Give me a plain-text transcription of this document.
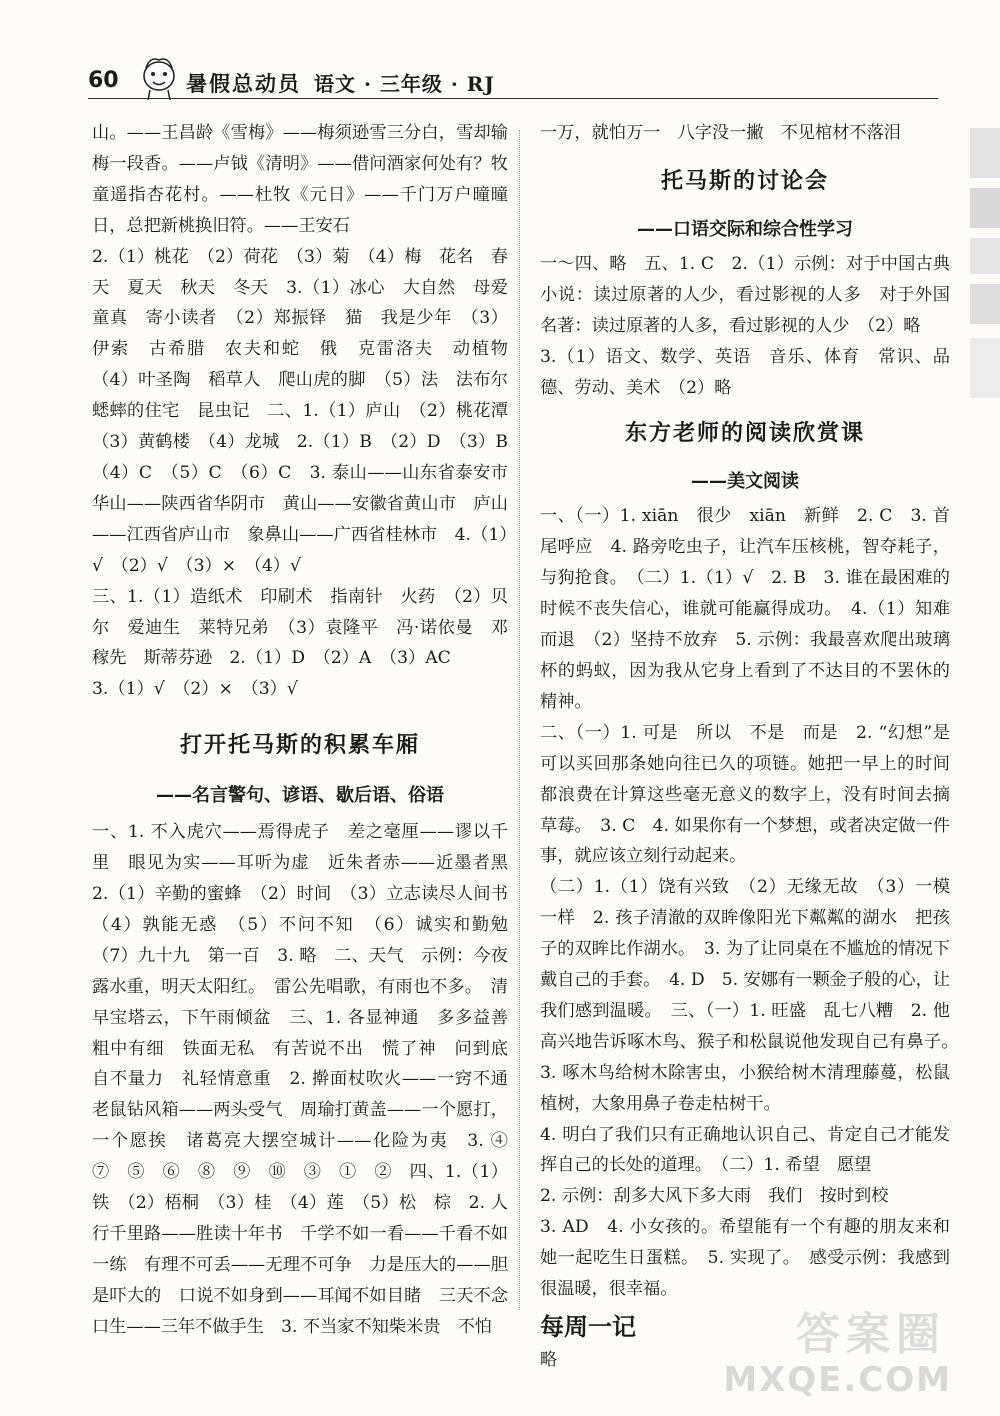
60	暑假总动员 语文 · 三年级 · RJ

山。——王昌龄《雪梅》——梅须逊雪三分白，雪却输梅一段香。——卢钺《清明》——借问酒家何处有？牧童遥指杏花村。——杜牧《元日》——千门万户曈曈日，总把新桃换旧符。——王安石

2.（1）桃花　（2）荷花　（3）菊　（4）梅　花名　春天　夏天　秋天　冬天　3.（1）冰心　大自然　母爱　童真　寄小读者　（2）郑振铎　猫　我是少年　（3）伊索　古希腊　农夫和蛇　俄　克雷洛夫　动植物　（4）叶圣陶　稻草人　爬山虎的脚　（5）法　法布尔　蟋蟀的住宅　昆虫记　二、1.（1）庐山　（2）桃花潭　（3）黄鹤楼　（4）龙城　2.（1）B　（2）D　（3）B　（4）C　（5）C　（6）C　3. 泰山——山东省泰安市　华山——陕西省华阴市　黄山——安徽省黄山市　庐山——江西省庐山市　象鼻山——广西省桂林市　4.（1）√　（2）√　（3）×　（4）√

三、1.（1）造纸术　印刷术　指南针　火药　（2）贝尔　爱迪生　莱特兄弟　（3）袁隆平　冯·诺依曼　邓稼先　斯蒂芬逊　2.（1）D　（2）A　（3）AC

3.（1）√　（2）×　（3）√

打开托马斯的积累车厢
——名言警句、谚语、歇后语、俗语

一、1. 不入虎穴——焉得虎子　差之毫厘——谬以千里　眼见为实——耳听为虚　近朱者赤——近墨者黑　2.（1）辛勤的蜜蜂　（2）时间　（3）立志读尽人间书　（4）孰能无惑　（5）不问不知　（6）诚实和勤勉　（7）九十九　第一百　3. 略　二、天气　示例：今夜露水重，明天太阳红。　雷公先唱歌，有雨也不多。　清早宝塔云，下午雨倾盆　三、1. 各显神通　多多益善　粗中有细　铁面无私　有苦说不出　慌了神　问到底　自不量力　礼轻情意重　2. 擀面杖吹火——一窍不通　老鼠钻风箱——两头受气　周瑜打黄盖——一个愿打，一个愿挨　诸葛亮大摆空城计——化险为夷　3. ④　⑦　⑤　⑥　⑧　⑨　⑩　③　①　②　四、1.（1）铁　（2）梧桐　（3）桂　（4）莲　（5）松　棕　2. 人行千里路——胜读十年书　千学不如一看——千看不如一练　有理不可丢——无理不可争　力是压大的——胆是吓大的　口说不如身到——耳闻不如目睹　三天不念口生——三年不做手生　3. 不当家不知柴米贵　不怕

一万，就怕万一　八字没一撇　不见棺材不落泪

托马斯的讨论会
——口语交际和综合性学习

一～四、略　五、1. C　2.（1）示例：对于中国古典小说：读过原著的人少，看过影视的人多　对于外国名著：读过原著的人多，看过影视的人少　（2）略

3.（1）语文、数学、英语　音乐、体育　常识、品德、劳动、美术　（2）略

东方老师的阅读欣赏课
——美文阅读

一、（一）1. xiān　很少　xiān　新鲜　2. C　3. 首尾呼应　4. 路旁吃虫子，让汽车压核桃，智夺耗子，与狗抢食。　（二）1.（1）√　2. B　3. 谁在最困难的时候不丧失信心，谁就可能赢得成功。　4.（1）知难而退　（2）坚持不放弃　5. 示例：我最喜欢爬出玻璃杯的蚂蚁，因为我从它身上看到了不达目的不罢休的精神。

二、（一）1. 可是　所以　不是　而是　2. “幻想”是可以买回那条她向往已久的项链。她把一早上的时间都浪费在计算这些毫无意义的数字上，没有时间去摘草莓。　3. C　4. 如果你有一个梦想，或者决定做一件事，就应该立刻行动起来。

（二）1.（1）饶有兴致　（2）无缘无故　（3）一模一样　2. 孩子清澈的双眸像阳光下粼粼的湖水　把孩子的双眸比作湖水。　3. 为了让同桌在不尴尬的情况下戴自己的手套。　4. D　5. 安娜有一颗金子般的心，让我们感到温暖。　三、（一）1. 旺盛　乱七八糟　2. 他高兴地告诉啄木鸟、猴子和松鼠说他发现自己有鼻子。　3. 啄木鸟给树木除害虫，小猴给树木清理藤蔓，松鼠植树，大象用鼻子卷走枯树干。

4. 明白了我们只有正确地认识自己、肯定自己才能发挥自己的长处的道理。　（二）1. 希望　愿望

2. 示例：刮多大风下多大雨　我们　按时到校

3. AD　4. 小女孩的。希望能有一个有趣的朋友来和她一起吃生日蛋糕。　5. 实现了。　感受示例：我感到很温暖，很幸福。

每周一记

略	答案圈
MXQE.COM
